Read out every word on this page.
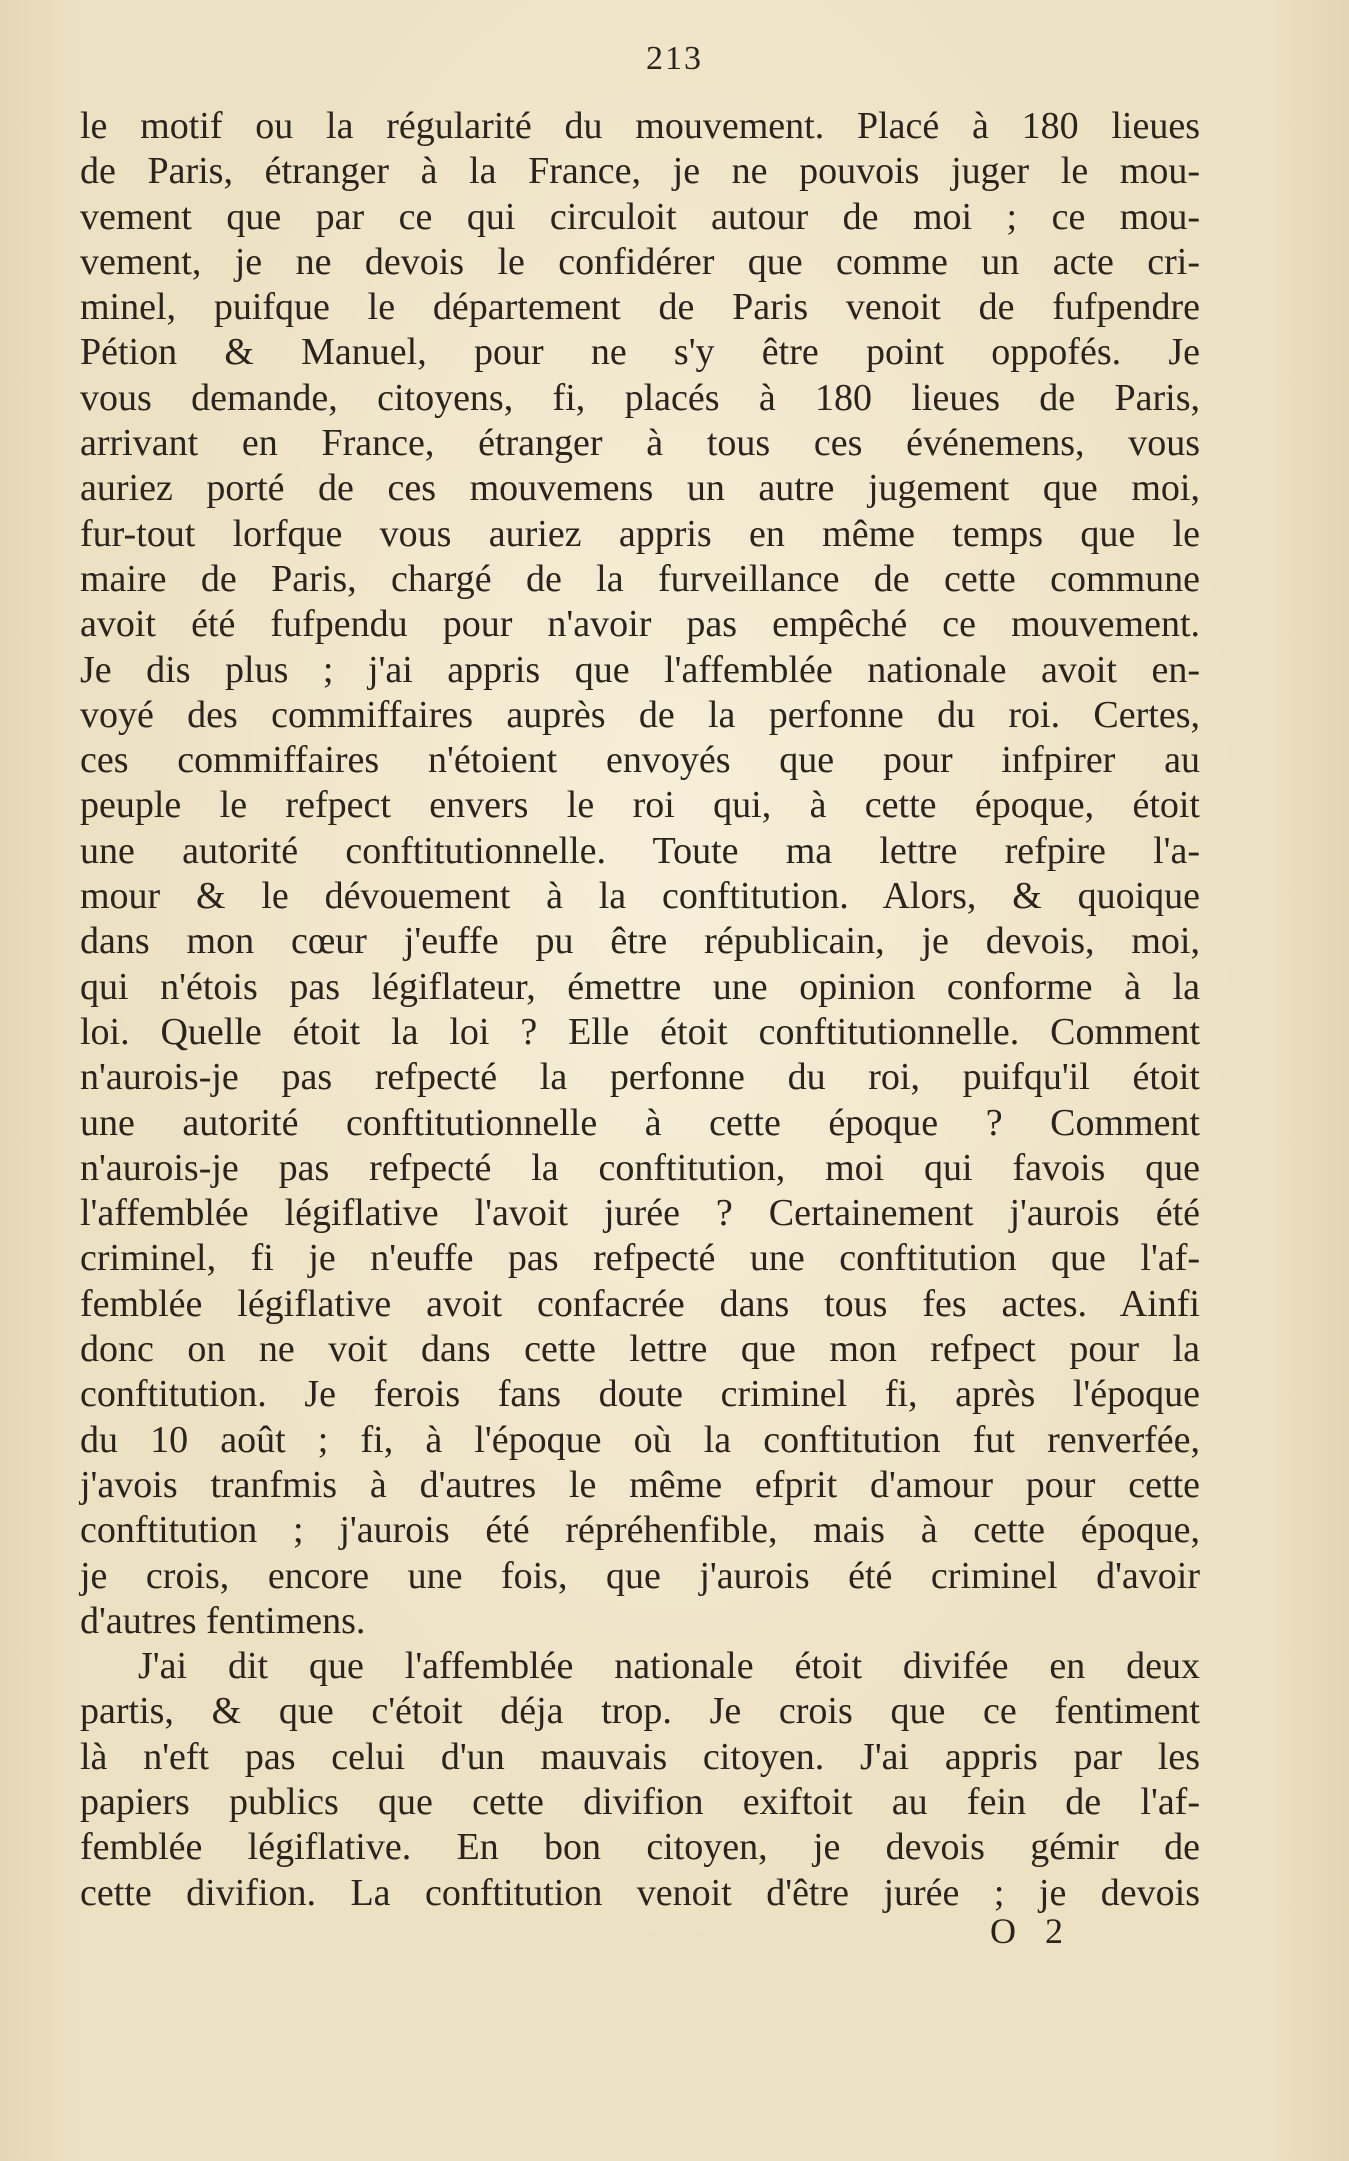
213
le motif ou la régularité du mouvement. Placé à 180 lieues
de Paris, étranger à la France, je ne pouvois juger le mou-
vement que par ce qui circuloit autour de moi ; ce mou-
vement, je ne devois le confidérer que comme un acte cri-
minel, puifque le département de Paris venoit de fufpendre
Pétion & Manuel, pour ne s'y être point oppofés. Je
vous demande, citoyens, fi, placés à 180 lieues de Paris,
arrivant en France, étranger à tous ces événemens, vous
auriez porté de ces mouvemens un autre jugement que moi,
fur-tout lorfque vous auriez appris en même temps que le
maire de Paris, chargé de la furveillance de cette commune
avoit été fufpendu pour n'avoir pas empêché ce mouvement.
Je dis plus ; j'ai appris que l'affemblée nationale avoit en-
voyé des commiffaires auprès de la perfonne du roi. Certes,
ces commiffaires n'étoient envoyés que pour infpirer au
peuple le refpect envers le roi qui, à cette époque, étoit
une autorité conftitutionnelle. Toute ma lettre refpire l'a-
mour & le dévouement à la conftitution. Alors, & quoique
dans mon cœur j'euffe pu être républicain, je devois, moi,
qui n'étois pas légiflateur, émettre une opinion conforme à la
loi. Quelle étoit la loi ? Elle étoit conftitutionnelle. Comment
n'aurois-je pas refpecté la perfonne du roi, puifqu'il étoit
une autorité conftitutionnelle à cette époque ? Comment
n'aurois-je pas refpecté la conftitution, moi qui favois que
l'affemblée légiflative l'avoit jurée ? Certainement j'aurois été
criminel, fi je n'euffe pas refpecté une conftitution que l'af-
femblée légiflative avoit confacrée dans tous fes actes. Ainfi
donc on ne voit dans cette lettre que mon refpect pour la
conftitution. Je ferois fans doute criminel fi, après l'époque
du 10 août ; fi, à l'époque où la conftitution fut renverfée,
j'avois tranfmis à d'autres le même efprit d'amour pour cette
conftitution ; j'aurois été répréhenfible, mais à cette époque,
je crois, encore une fois, que j'aurois été criminel d'avoir
d'autres fentimens.
J'ai dit que l'affemblée nationale étoit divifée en deux
partis, & que c'étoit déja trop. Je crois que ce fentiment
là n'eft pas celui d'un mauvais citoyen. J'ai appris par les
papiers publics que cette divifion exiftoit au fein de l'af-
femblée légiflative. En bon citoyen, je devois gémir de
cette divifion. La conftitution venoit d'être jurée ; je devois
O 2
